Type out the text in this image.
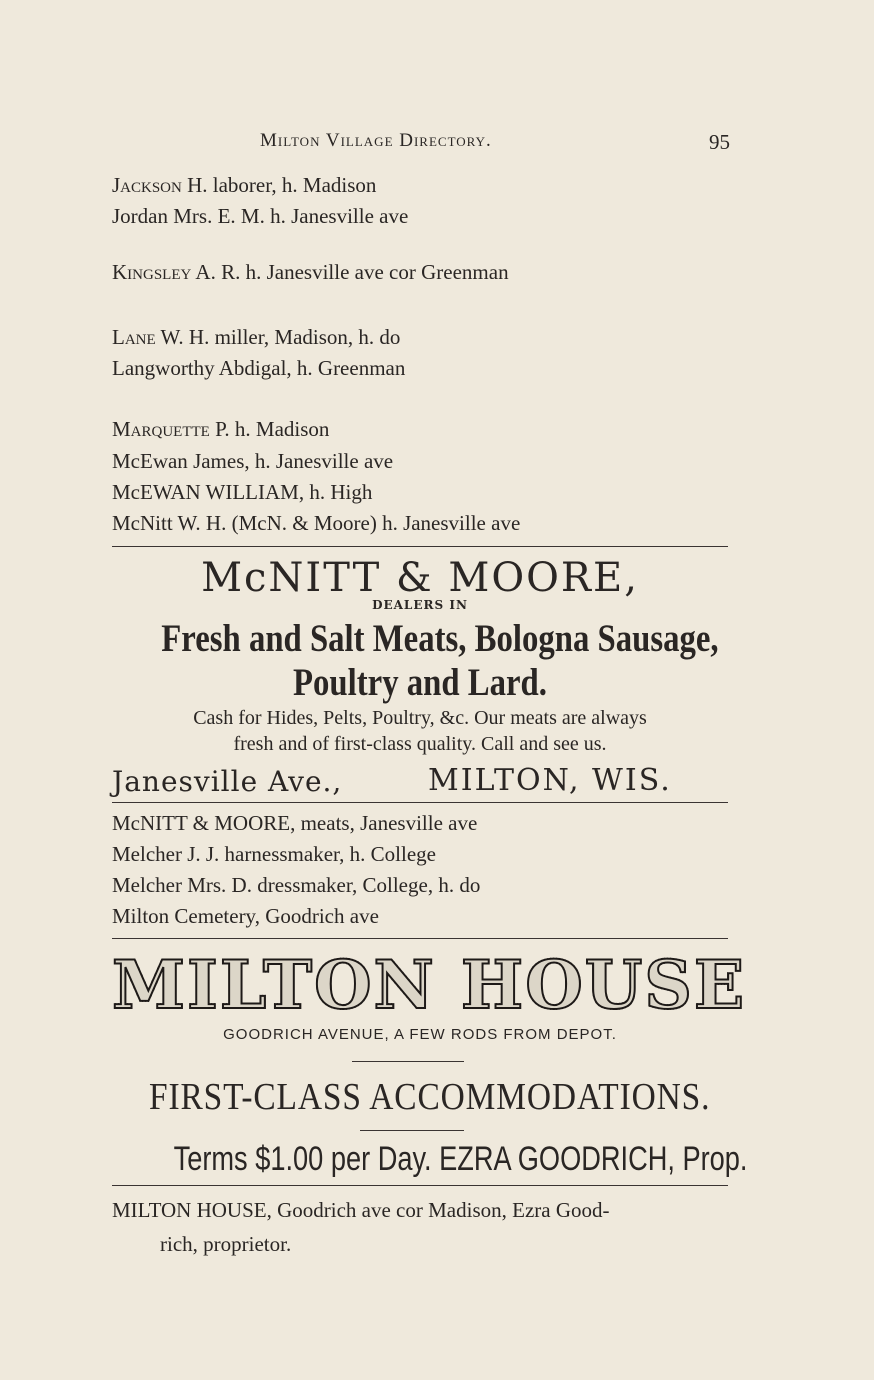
Milton Village Directory.	95
Jackson H. laborer, h. Madison
Jordan Mrs. E. M. h. Janesville ave
Kingsley A. R. h. Janesville ave cor Greenman
Lane W. H. miller, Madison, h. do
Langworthy Abdigal, h. Greenman
Marquette P. h. Madison
McEwan James, h. Janesville ave
McEWAN WILLIAM, h. High
McNitt W. H. (McN. & Moore) h. Janesville ave
McNITT & MOORE,
DEALERS IN
Fresh and Salt Meats, Bologna Sausage,
Poultry and Lard.
Cash for Hides, Pelts, Poultry, &c. Our meats are always
fresh and of first-class quality. Call and see us.
Janesville Ave.,	MILTON, WIS.
McNITT & MOORE, meats, Janesville ave
Melcher J. J. harnessmaker, h. College
Melcher Mrs. D. dressmaker, College, h. do
Milton Cemetery, Goodrich ave
MILTON HOUSE
GOODRICH AVENUE, A FEW RODS FROM DEPOT.
FIRST-CLASS ACCOMMODATIONS.
Terms $1.00 per Day. EZRA GOODRICH, Prop.
MILTON HOUSE, Goodrich ave cor Madison, Ezra Good-
rich, proprietor.
